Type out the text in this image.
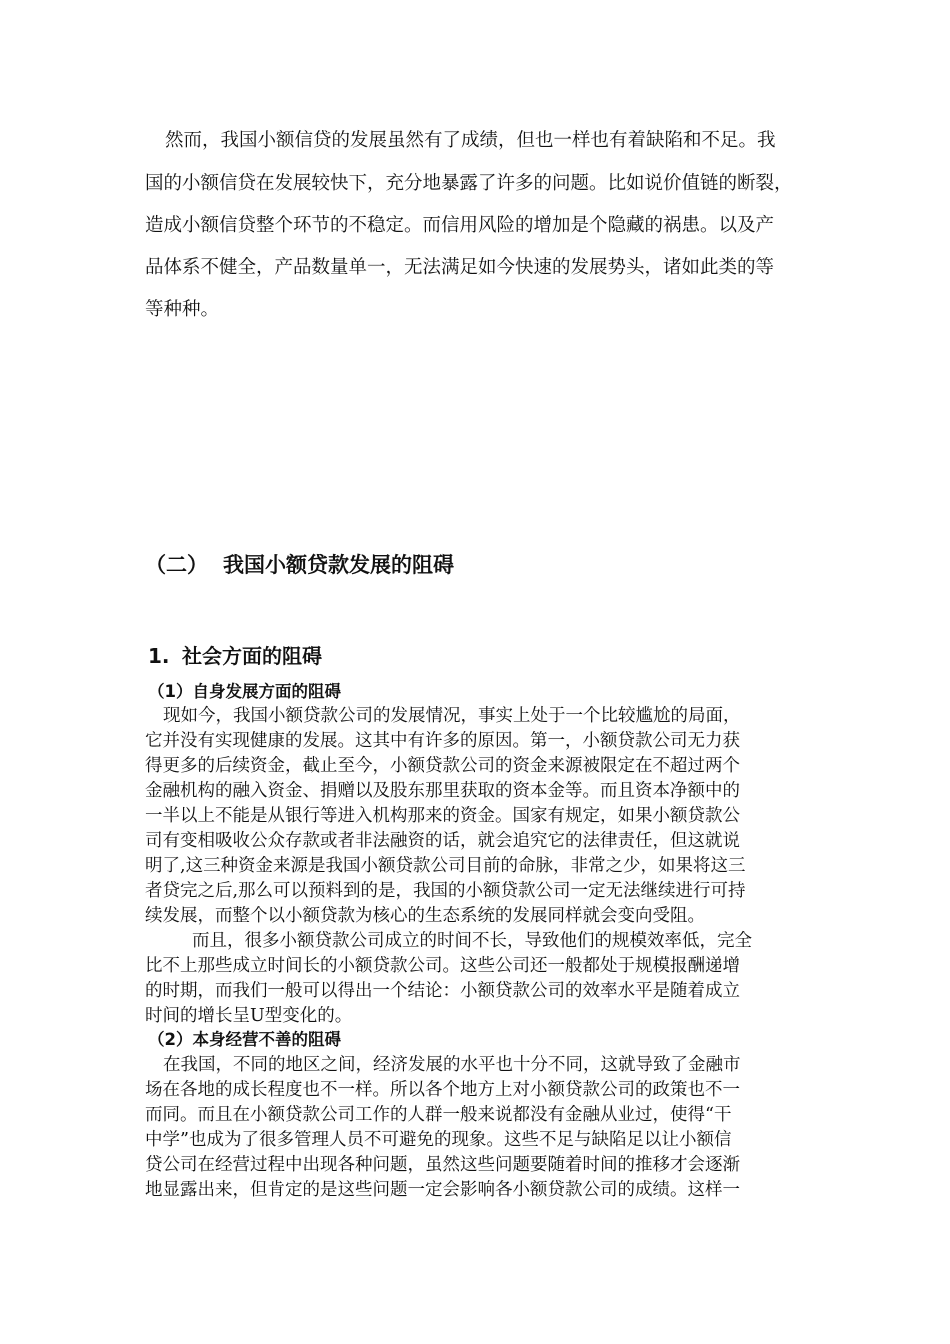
然而，我国小额信贷的发展虽然有了成绩，但也一样也有着缺陷和不足。我

国的小额信贷在发展较快下，充分地暴露了许多的问题。比如说价值链的断裂，

造成小额信贷整个环节的不稳定。而信用风险的增加是个隐藏的祸患。以及产

品体系不健全，产品数量单一，无法满足如今快速的发展势头，诸如此类的等

等种种。

（二） 我国小额贷款发展的阻碍
1. 社会方面的阻碍
（1）自身发展方面的阻碍

现如今，我国小额贷款公司的发展情况，事实上处于一个比较尴尬的局面，

它并没有实现健康的发展。这其中有许多的原因。第一，小额贷款公司无力获

得更多的后续资金，截止至今，小额贷款公司的资金来源被限定在不超过两个

金融机构的融入资金、捐赠以及股东那里获取的资本金等。而且资本净额中的

一半以上不能是从银行等进入机构那来的资金。国家有规定，如果小额贷款公

司有变相吸收公众存款或者非法融资的话，就会追究它的法律责任，但这就说

明了,这三种资金来源是我国小额贷款公司目前的命脉，非常之少，如果将这三

者贷完之后,那么可以预料到的是，我国的小额贷款公司一定无法继续进行可持

续发展，而整个以小额贷款为核心的生态系统的发展同样就会变向受阻。

而且，很多小额贷款公司成立的时间不长，导致他们的规模效率低，完全

比不上那些成立时间长的小额贷款公司。这些公司还一般都处于规模报酬递增

的时期，而我们一般可以得出一个结论：小额贷款公司的效率水平是随着成立

时间的增长呈U型变化的。

（2）本身经营不善的阻碍

在我国，不同的地区之间，经济发展的水平也十分不同，这就导致了金融市

场在各地的成长程度也不一样。所以各个地方上对小额贷款公司的政策也不一

而同。而且在小额贷款公司工作的人群一般来说都没有金融从业过，使得“干

中学”也成为了很多管理人员不可避免的现象。这些不足与缺陷足以让小额信

贷公司在经营过程中出现各种问题，虽然这些问题要随着时间的推移才会逐渐

地显露出来，但肯定的是这些问题一定会影响各小额贷款公司的成绩。这样一
